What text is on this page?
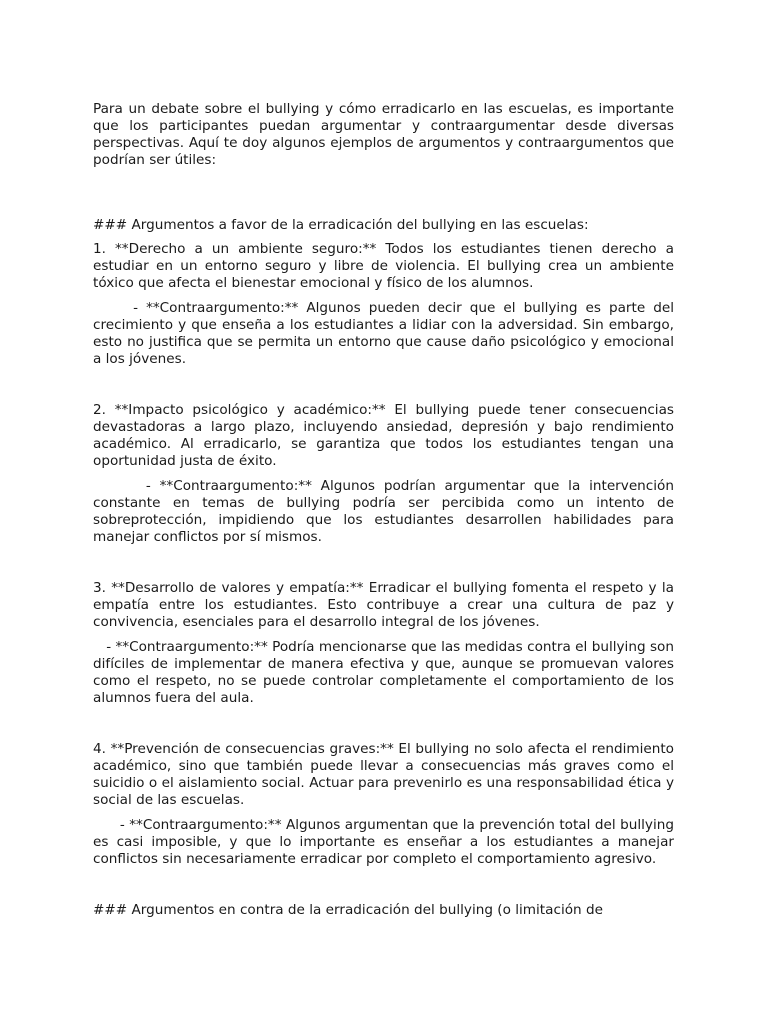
Para un debate sobre el bullying y cómo erradicarlo en las escuelas, es importante que los participantes puedan argumentar y contraargumentar desde diversas perspectivas. Aquí te doy algunos ejemplos de argumentos y contraargumentos que podrían ser útiles:

### Argumentos a favor de la erradicación del bullying en las escuelas:

1. **Derecho a un ambiente seguro:** Todos los estudiantes tienen derecho a estudiar en un entorno seguro y libre de violencia. El bullying crea un ambiente tóxico que afecta el bienestar emocional y físico de los alumnos.

- **Contraargumento:** Algunos pueden decir que el bullying es parte del crecimiento y que enseña a los estudiantes a lidiar con la adversidad. Sin embargo, esto no justifica que se permita un entorno que cause daño psicológico y emocional a los jóvenes.

2. **Impacto psicológico y académico:** El bullying puede tener consecuencias devastadoras a largo plazo, incluyendo ansiedad, depresión y bajo rendimiento académico. Al erradicarlo, se garantiza que todos los estudiantes tengan una oportunidad justa de éxito.

- **Contraargumento:** Algunos podrían argumentar que la intervención constante en temas de bullying podría ser percibida como un intento de sobreprotección, impidiendo que los estudiantes desarrollen habilidades para manejar conflictos por sí mismos.

3. **Desarrollo de valores y empatía:** Erradicar el bullying fomenta el respeto y la empatía entre los estudiantes. Esto contribuye a crear una cultura de paz y convivencia, esenciales para el desarrollo integral de los jóvenes.

- **Contraargumento:** Podría mencionarse que las medidas contra el bullying son difíciles de implementar de manera efectiva y que, aunque se promuevan valores como el respeto, no se puede controlar completamente el comportamiento de los alumnos fuera del aula.

4. **Prevención de consecuencias graves:** El bullying no solo afecta el rendimiento académico, sino que también puede llevar a consecuencias más graves como el suicidio o el aislamiento social. Actuar para prevenirlo es una responsabilidad ética y social de las escuelas.

- **Contraargumento:** Algunos argumentan que la prevención total del bullying es casi imposible, y que lo importante es enseñar a los estudiantes a manejar conflictos sin necesariamente erradicar por completo el comportamiento agresivo.

### Argumentos en contra de la erradicación del bullying (o limitación de
